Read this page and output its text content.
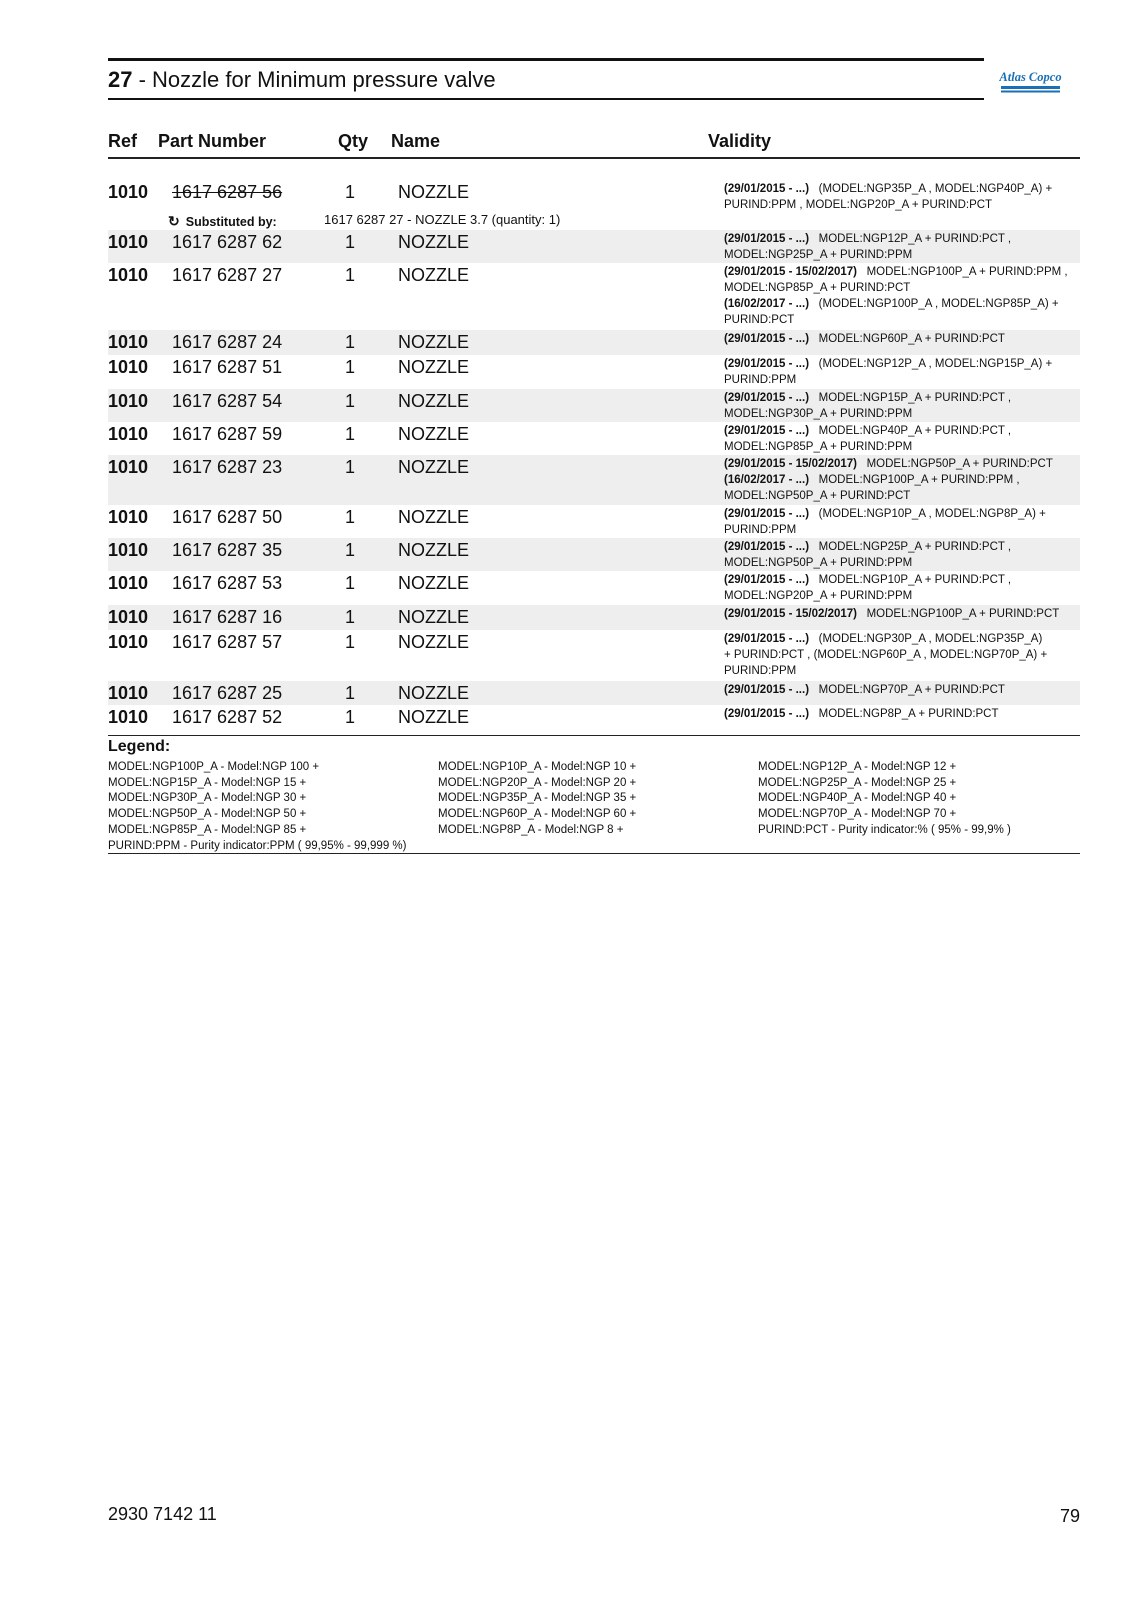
27 - Nozzle for Minimum pressure valve	Atlas Copco
Ref Part Number	Qty Name	Validity
1010 1617 6287 56	1 NOZZLE	(29/01/2015 - ...)   (MODEL:NGP35P_A , MODEL:NGP40P_A) +
PURIND:PPM , MODEL:NGP20P_A + PURIND:PCT
1010 1617 6287 62	1 NOZZLE	(29/01/2015 - ...)   MODEL:NGP12P_A + PURIND:PCT ,
MODEL:NGP25P_A + PURIND:PPM
1010 1617 6287 27	1 NOZZLE	(29/01/2015 - 15/02/2017)   MODEL:NGP100P_A + PURIND:PPM ,
MODEL:NGP85P_A + PURIND:PCT
(16/02/2017 - ...)   (MODEL:NGP100P_A , MODEL:NGP85P_A) +
PURIND:PCT
1010 1617 6287 24	1 NOZZLE	(29/01/2015 - ...)   MODEL:NGP60P_A + PURIND:PCT
1010 1617 6287 51	1 NOZZLE	(29/01/2015 - ...)   (MODEL:NGP12P_A , MODEL:NGP15P_A) +
PURIND:PPM
1010 1617 6287 54	1 NOZZLE	(29/01/2015 - ...)   MODEL:NGP15P_A + PURIND:PCT ,
MODEL:NGP30P_A + PURIND:PPM
1010 1617 6287 59	1 NOZZLE	(29/01/2015 - ...)   MODEL:NGP40P_A + PURIND:PCT ,
MODEL:NGP85P_A + PURIND:PPM
1010 1617 6287 23	1 NOZZLE	(29/01/2015 - 15/02/2017)   MODEL:NGP50P_A + PURIND:PCT
(16/02/2017 - ...)   MODEL:NGP100P_A + PURIND:PPM ,
MODEL:NGP50P_A + PURIND:PCT
1010 1617 6287 50	1 NOZZLE	(29/01/2015 - ...)   (MODEL:NGP10P_A , MODEL:NGP8P_A) +
PURIND:PPM
1010 1617 6287 35	1 NOZZLE	(29/01/2015 - ...)   MODEL:NGP25P_A + PURIND:PCT ,
MODEL:NGP50P_A + PURIND:PPM
1010 1617 6287 53	1 NOZZLE	(29/01/2015 - ...)   MODEL:NGP10P_A + PURIND:PCT ,
MODEL:NGP20P_A + PURIND:PPM
1010 1617 6287 16	1 NOZZLE	(29/01/2015 - 15/02/2017)   MODEL:NGP100P_A + PURIND:PCT
1010 1617 6287 57	1 NOZZLE	(29/01/2015 - ...)   (MODEL:NGP30P_A , MODEL:NGP35P_A)
+ PURIND:PCT , (MODEL:NGP60P_A , MODEL:NGP70P_A) +
PURIND:PPM
1010 1617 6287 25	1 NOZZLE	(29/01/2015 - ...)   MODEL:NGP70P_A + PURIND:PCT
1010 1617 6287 52	1 NOZZLE	(29/01/2015 - ...)   MODEL:NGP8P_A + PURIND:PCT
↻ Substituted by:	1617 6287 27 - NOZZLE 3.7 (quantity: 1)
Legend:
MODEL:NGP100P_A - Model:NGP 100 +
MODEL:NGP15P_A - Model:NGP 15 +
MODEL:NGP30P_A - Model:NGP 30 +
MODEL:NGP50P_A - Model:NGP 50 +
MODEL:NGP85P_A - Model:NGP 85 +
PURIND:PPM - Purity indicator:PPM ( 99,95% - 99,999 %)
MODEL:NGP10P_A - Model:NGP 10 +
MODEL:NGP20P_A - Model:NGP 20 +
MODEL:NGP35P_A - Model:NGP 35 +
MODEL:NGP60P_A - Model:NGP 60 +
MODEL:NGP8P_A - Model:NGP 8 +
MODEL:NGP12P_A - Model:NGP 12 +
MODEL:NGP25P_A - Model:NGP 25 +
MODEL:NGP40P_A - Model:NGP 40 +
MODEL:NGP70P_A - Model:NGP 70 +
PURIND:PCT - Purity indicator:% ( 95% - 99,9% )
2930 7142 11	79
